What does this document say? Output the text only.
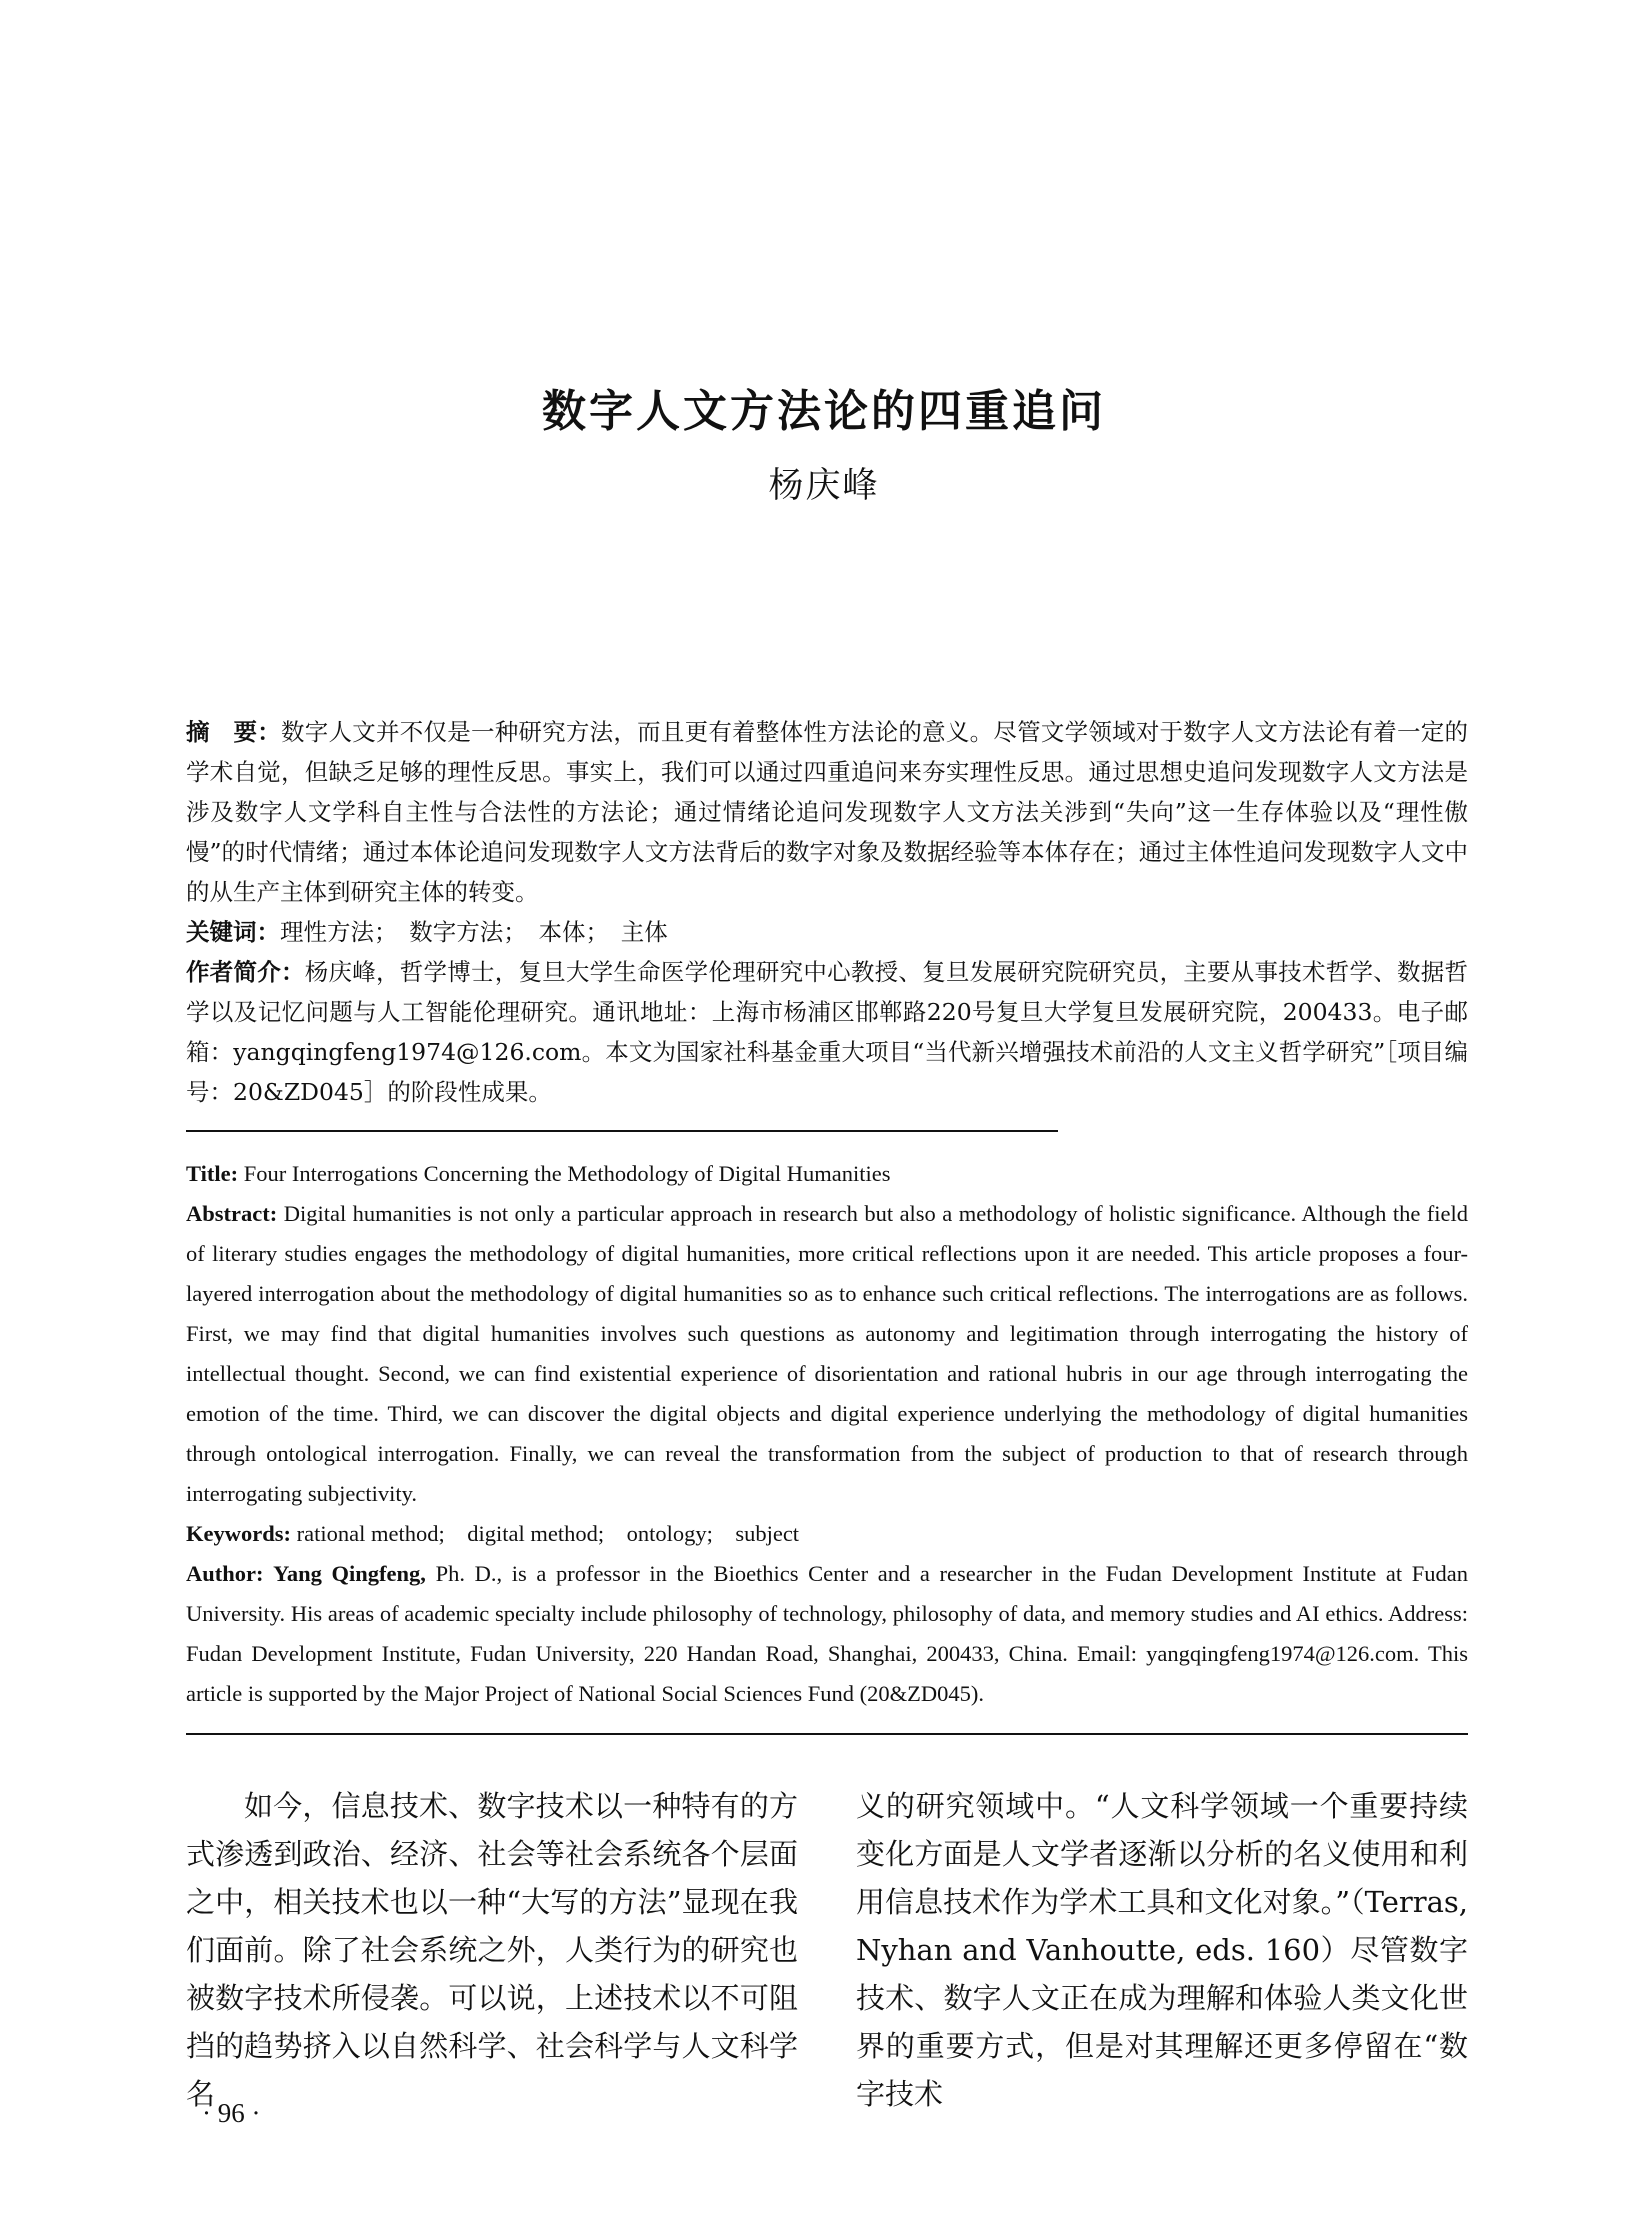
数字人文方法论的四重追问
杨庆峰

摘　要：数字人文并不仅是一种研究方法，而且更有着整体性方法论的意义。尽管文学领域对于数字人文方法论有着一定的学术自觉，但缺乏足够的理性反思。事实上，我们可以通过四重追问来夯实理性反思。通过思想史追问发现数字人文方法是涉及数字人文学科自主性与合法性的方法论；通过情绪论追问发现数字人文方法关涉到“失向”这一生存体验以及“理性傲慢”的时代情绪；通过本体论追问发现数字人文方法背后的数字对象及数据经验等本体存在；通过主体性追问发现数字人文中的从生产主体到研究主体的转变。

关键词：理性方法；　数字方法；　本体；　主体

作者简介：杨庆峰，哲学博士，复旦大学生命医学伦理研究中心教授、复旦发展研究院研究员，主要从事技术哲学、数据哲学以及记忆问题与人工智能伦理研究。通讯地址：上海市杨浦区邯郸路220号复旦大学复旦发展研究院，200433。电子邮箱：yangqingfeng1974@126.com。本文为国家社科基金重大项目“当代新兴增强技术前沿的人文主义哲学研究”［项目编号：20&ZD045］的阶段性成果。

Title: Four Interrogations Concerning the Methodology of Digital Humanities

Abstract: Digital humanities is not only a particular approach in research but also a methodology of holistic significance. Although the field of literary studies engages the methodology of digital humanities, more critical reflections upon it are needed. This article proposes a four-layered interrogation about the methodology of digital humanities so as to enhance such critical reflections. The interrogations are as follows. First, we may find that digital humanities involves such questions as autonomy and legitimation through interrogating the history of intellectual thought. Second, we can find existential experience of disorientation and rational hubris in our age through interrogating the emotion of the time. Third, we can discover the digital objects and digital experience underlying the methodology of digital humanities through ontological interrogation. Finally, we can reveal the transformation from the subject of production to that of research through interrogating subjectivity.

Keywords: rational method;　digital method;　ontology;　subject

Author: Yang Qingfeng, Ph. D., is a professor in the Bioethics Center and a researcher in the Fudan Development Institute at Fudan University. His areas of academic specialty include philosophy of technology, philosophy of data, and memory studies and AI ethics. Address: Fudan Development Institute, Fudan University, 220 Handan Road, Shanghai, 200433, China. Email: yangqingfeng1974@126.com. This article is supported by the Major Project of National Social Sciences Fund (20&ZD045).

如今，信息技术、数字技术以一种特有的方式渗透到政治、经济、社会等社会系统各个层面之中，相关技术也以一种“大写的方法”显现在我们面前。除了社会系统之外，人类行为的研究也被数字技术所侵袭。可以说，上述技术以不可阻挡的趋势挤入以自然科学、社会科学与人文科学名

义的研究领域中。“人文科学领域一个重要持续变化方面是人文学者逐渐以分析的名义使用和利用信息技术作为学术工具和文化对象。”（Terras, Nyhan and Vanhoutte, eds. 160）尽管数字技术、数字人文正在成为理解和体验人类文化世界的重要方式，但是对其理解还更多停留在“数字技术

· 96 ·
